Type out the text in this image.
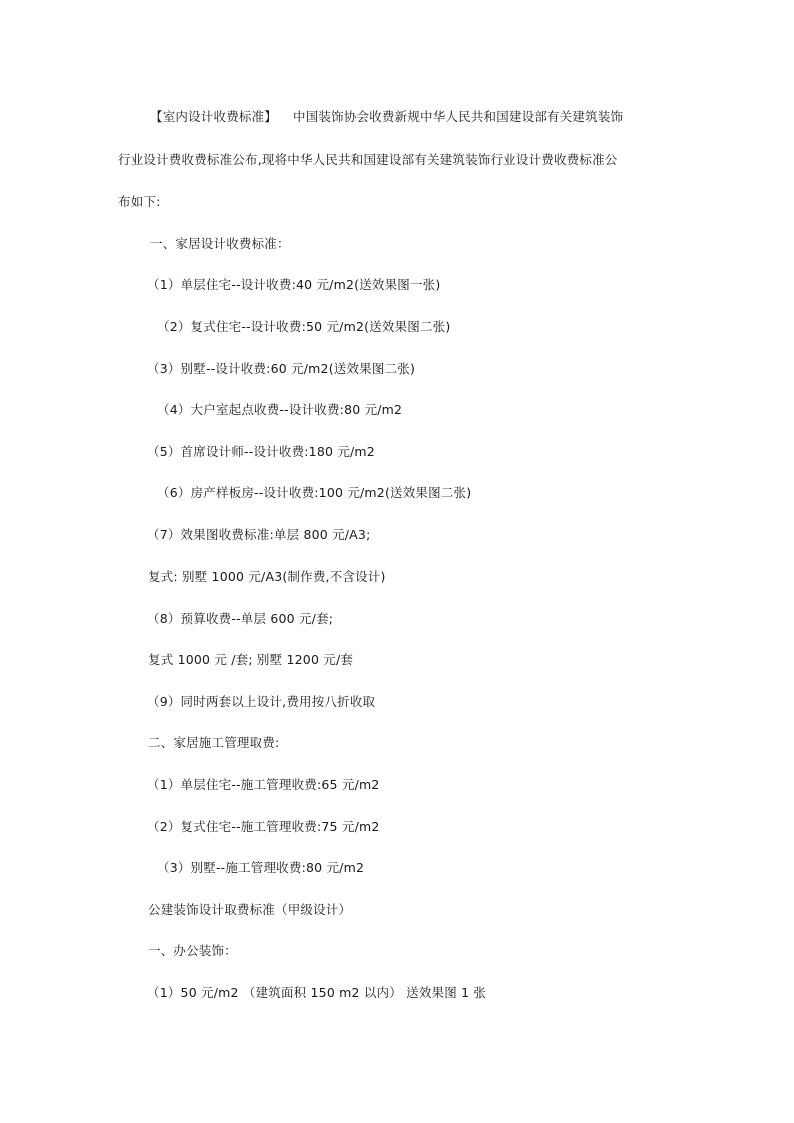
【室内设计收费标准】 中国装饰协会收费新规中华人民共和国建设部有关建筑装饰
行业设计费收费标准公布,现将中华人民共和国建设部有关建筑装饰行业设计费收费标准公
布如下:
一、家居设计收费标准：
（1）单层住宅--设计收费:40 元/m2(送效果图一张)
（2）复式住宅--设计收费:50 元/m2(送效果图二张)
（3）别墅--设计收费:60 元/m2(送效果图二张)
（4）大户室起点收费--设计收费:80 元/m2
（5）首席设计师--设计收费:180 元/m2
（6）房产样板房--设计收费:100 元/m2(送效果图二张)
（7）效果图收费标准:单层 800 元/A3;
复式: 别墅 1000 元/A3(制作费,不含设计)
（8）预算收费--单层 600 元/套;
复式 1000 元 /套; 别墅 1200 元/套
（9）同时两套以上设计,费用按八折收取
二、家居施工管理取费:
（1）单层住宅--施工管理收费:65 元/m2
（2）复式住宅--施工管理收费:75 元/m2
（3）别墅--施工管理收费:80 元/m2
公建装饰设计取费标准（甲级设计）
一、办公装饰：
（1）50 元/m2 （建筑面积 150 m2 以内） 送效果图 1 张
